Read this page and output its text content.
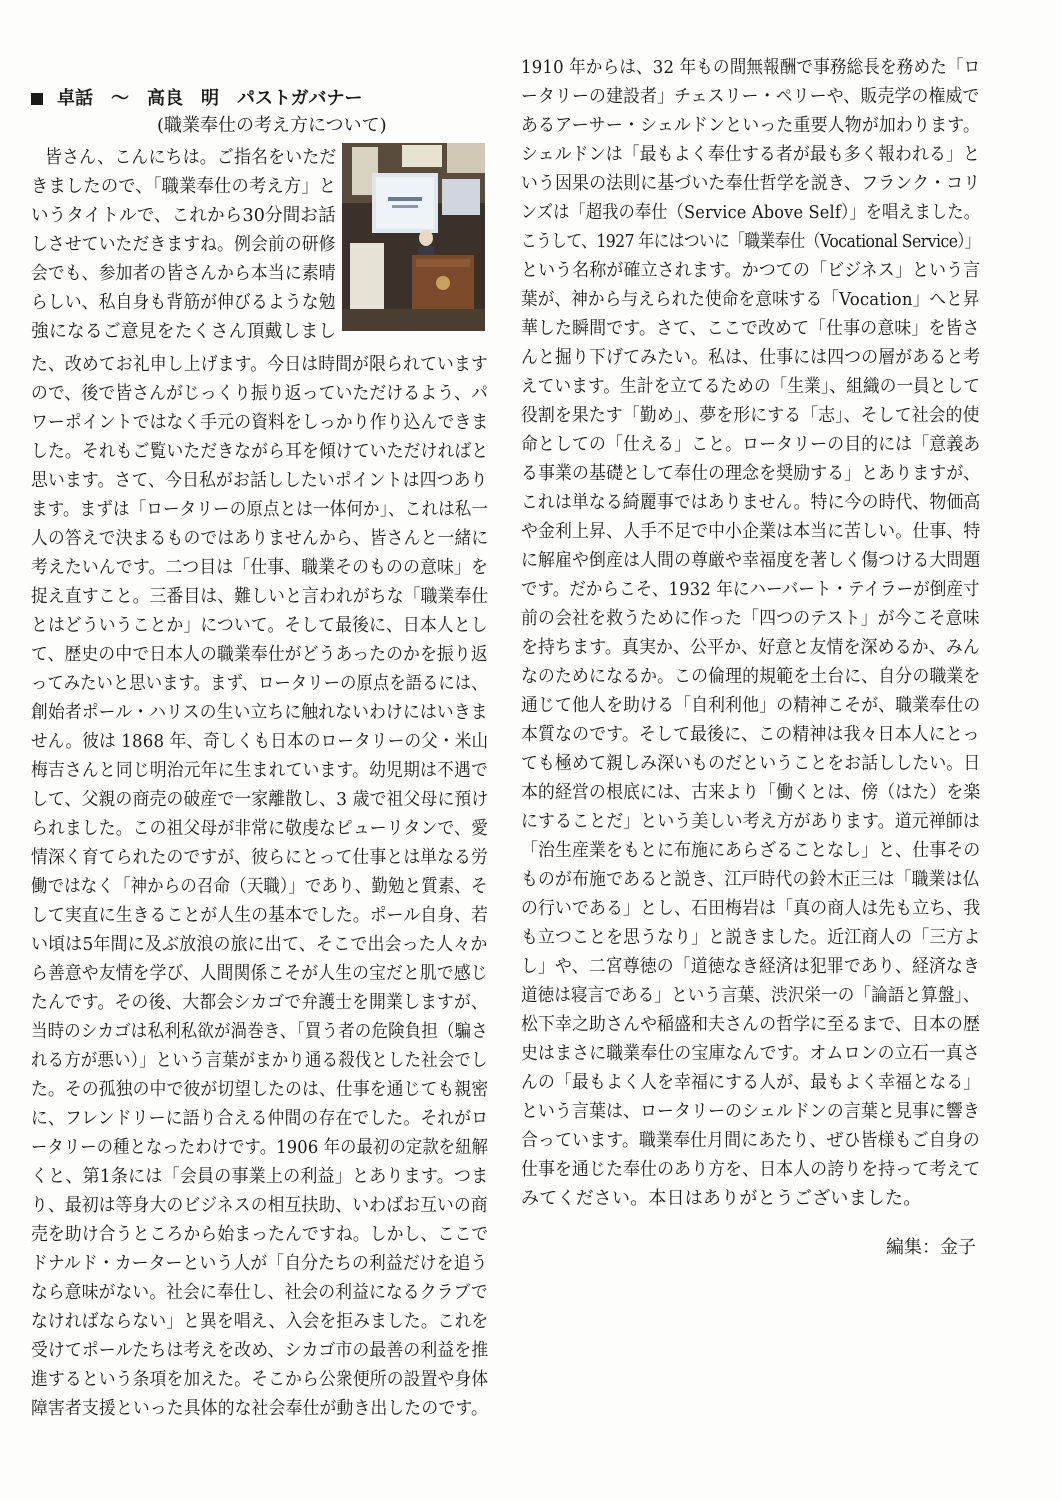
卓話　～　高良　明　パストガバナー
(職業奉仕の考え方について)
皆さん、こんにちは。ご指名をいただ
きましたので、「職業奉仕の考え方」と
いうタイトルで、これから30分間お話
しさせていただきますね。例会前の研修
会でも、参加者の皆さんから本当に素晴
らしい、私自身も背筋が伸びるような勉
強になるご意見をたくさん頂戴しまし
た、改めてお礼申し上げます。今日は時間が限られています
ので、後で皆さんがじっくり振り返っていただけるよう、パ
ワーポイントではなく手元の資料をしっかり作り込んできま
した。それもご覧いただきながら耳を傾けていただければと
思います。さて、今日私がお話ししたいポイントは四つあり
ます。まずは「ロータリーの原点とは一体何か」、これは私一
人の答えで決まるものではありませんから、皆さんと一緒に
考えたいんです。二つ目は「仕事、職業そのものの意味」を
捉え直すこと。三番目は、難しいと言われがちな「職業奉仕
とはどういうことか」について。そして最後に、日本人とし
て、歴史の中で日本人の職業奉仕がどうあったのかを振り返
ってみたいと思います。まず、ロータリーの原点を語るには、
創始者ポール・ハリスの生い立ちに触れないわけにはいきま
せん。彼は 1868 年、奇しくも日本のロータリーの父・米山
梅吉さんと同じ明治元年に生まれています。幼児期は不遇で
して、父親の商売の破産で一家離散し、3 歳で祖父母に預け
られました。この祖父母が非常に敬虔なピューリタンで、愛
情深く育てられたのですが、彼らにとって仕事とは単なる労
働ではなく「神からの召命（天職）」であり、勤勉と質素、そ
して実直に生きることが人生の基本でした。ポール自身、若
い頃は5年間に及ぶ放浪の旅に出て、そこで出会った人々か
ら善意や友情を学び、人間関係こそが人生の宝だと肌で感じ
たんです。その後、大都会シカゴで弁護士を開業しますが、
当時のシカゴは私利私欲が渦巻き、「買う者の危険負担（騙さ
れる方が悪い）」という言葉がまかり通る殺伐とした社会でし
た。その孤独の中で彼が切望したのは、仕事を通じても親密
に、フレンドリーに語り合える仲間の存在でした。それがロ
ータリーの種となったわけです。1906 年の最初の定款を紐解
くと、第1条には「会員の事業上の利益」とあります。つま
り、最初は等身大のビジネスの相互扶助、いわばお互いの商
売を助け合うところから始まったんですね。しかし、ここで
ドナルド・カーターという人が「自分たちの利益だけを追う
なら意味がない。社会に奉仕し、社会の利益になるクラブで
なければならない」と異を唱え、入会を拒みました。これを
受けてポールたちは考えを改め、シカゴ市の最善の利益を推
進するという条項を加えた。そこから公衆便所の設置や身体
障害者支援といった具体的な社会奉仕が動き出したのです。
1910 年からは、32 年もの間無報酬で事務総長を務めた「ロ
ータリーの建設者」チェスリー・ペリーや、販売学の権威で
あるアーサー・シェルドンといった重要人物が加わります。
シェルドンは「最もよく奉仕する者が最も多く報われる」と
いう因果の法則に基づいた奉仕哲学を説き、フランク・コリ
ンズは「超我の奉仕（Service Above Self）」を唱えました。
こうして、1927 年にはついに「職業奉仕（Vocational Service）」
という名称が確立されます。かつての「ビジネス」という言
葉が、神から与えられた使命を意味する「Vocation」へと昇
華した瞬間です。さて、ここで改めて「仕事の意味」を皆さ
んと掘り下げてみたい。私は、仕事には四つの層があると考
えています。生計を立てるための「生業」、組織の一員として
役割を果たす「勤め」、夢を形にする「志」、そして社会的使
命としての「仕える」こと。ロータリーの目的には「意義あ
る事業の基礎として奉仕の理念を奨励する」とありますが、
これは単なる綺麗事ではありません。特に今の時代、物価高
や金利上昇、人手不足で中小企業は本当に苦しい。仕事、特
に解雇や倒産は人間の尊厳や幸福度を著しく傷つける大問題
です。だからこそ、1932 年にハーバート・テイラーが倒産寸
前の会社を救うために作った「四つのテスト」が今こそ意味
を持ちます。真実か、公平か、好意と友情を深めるか、みん
なのためになるか。この倫理的規範を土台に、自分の職業を
通じて他人を助ける「自利利他」の精神こそが、職業奉仕の
本質なのです。そして最後に、この精神は我々日本人にとっ
ても極めて親しみ深いものだということをお話ししたい。日
本的経営の根底には、古来より「働くとは、傍（はた）を楽
にすることだ」という美しい考え方があります。道元禅師は
「治生産業をもとに布施にあらざることなし」と、仕事その
ものが布施であると説き、江戸時代の鈴木正三は「職業は仏
の行いである」とし、石田梅岩は「真の商人は先も立ち、我
も立つことを思うなり」と説きました。近江商人の「三方よ
し」や、二宮尊徳の「道徳なき経済は犯罪であり、経済なき
道徳は寝言である」という言葉、渋沢栄一の「論語と算盤」、
松下幸之助さんや稲盛和夫さんの哲学に至るまで、日本の歴
史はまさに職業奉仕の宝庫なんです。オムロンの立石一真さ
んの「最もよく人を幸福にする人が、最もよく幸福となる」
という言葉は、ロータリーのシェルドンの言葉と見事に響き
合っています。職業奉仕月間にあたり、ぜひ皆様もご自身の
仕事を通じた奉仕のあり方を、日本人の誇りを持って考えて
みてください。本日はありがとうございました。
編集：金子
